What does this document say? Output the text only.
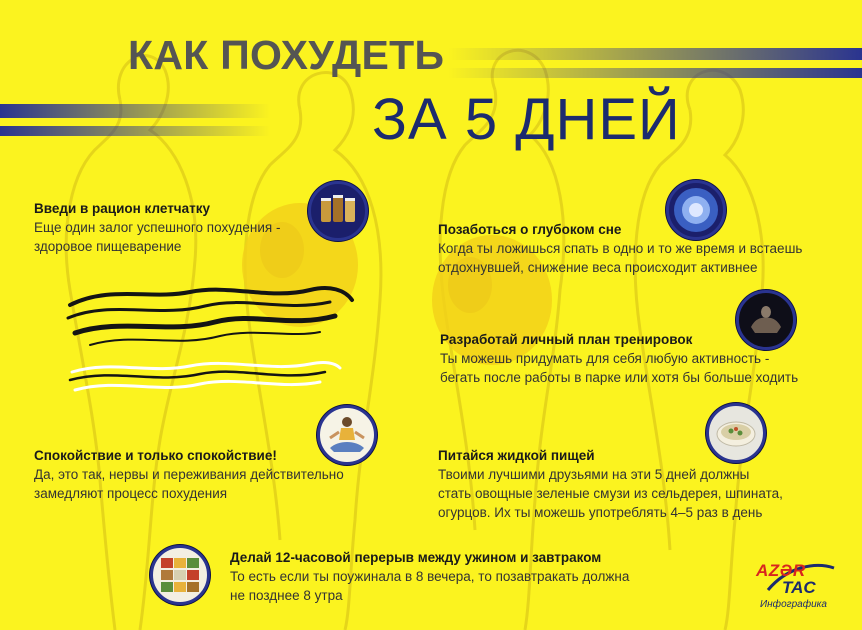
КАК ПОХУДЕТЬ
ЗА 5 ДНЕЙ
Введи в рацион клетчатку
Еще один залог успешного похудения -
здоровое пищеварение
Позаботься о глубоком сне
Когда ты ложишься спать в одно и то же время и встаешь
отдохнувшей, снижение веса происходит активнее
Разработай личный план тренировок
Ты можешь придумать для себя любую активность -
бегать после работы в парке или хотя бы больше ходить
Спокойствие и только спокойствие!
Да, это так, нервы и переживания действительно
замедляют процесс похудения
Питайся жидкой пищей
Твоими лучшими друзьями на эти 5 дней должны
стать овощные зеленые смузи из сельдерея, шпината,
огурцов. Их ты можешь употреблять 4–5 раз в день
Делай 12-часовой перерыв между ужином и завтраком
То есть если ты поужинала в 8 вечера, то позавтракать должна
не позднее 8 утра
AZƏR
TAC
Инфографика
